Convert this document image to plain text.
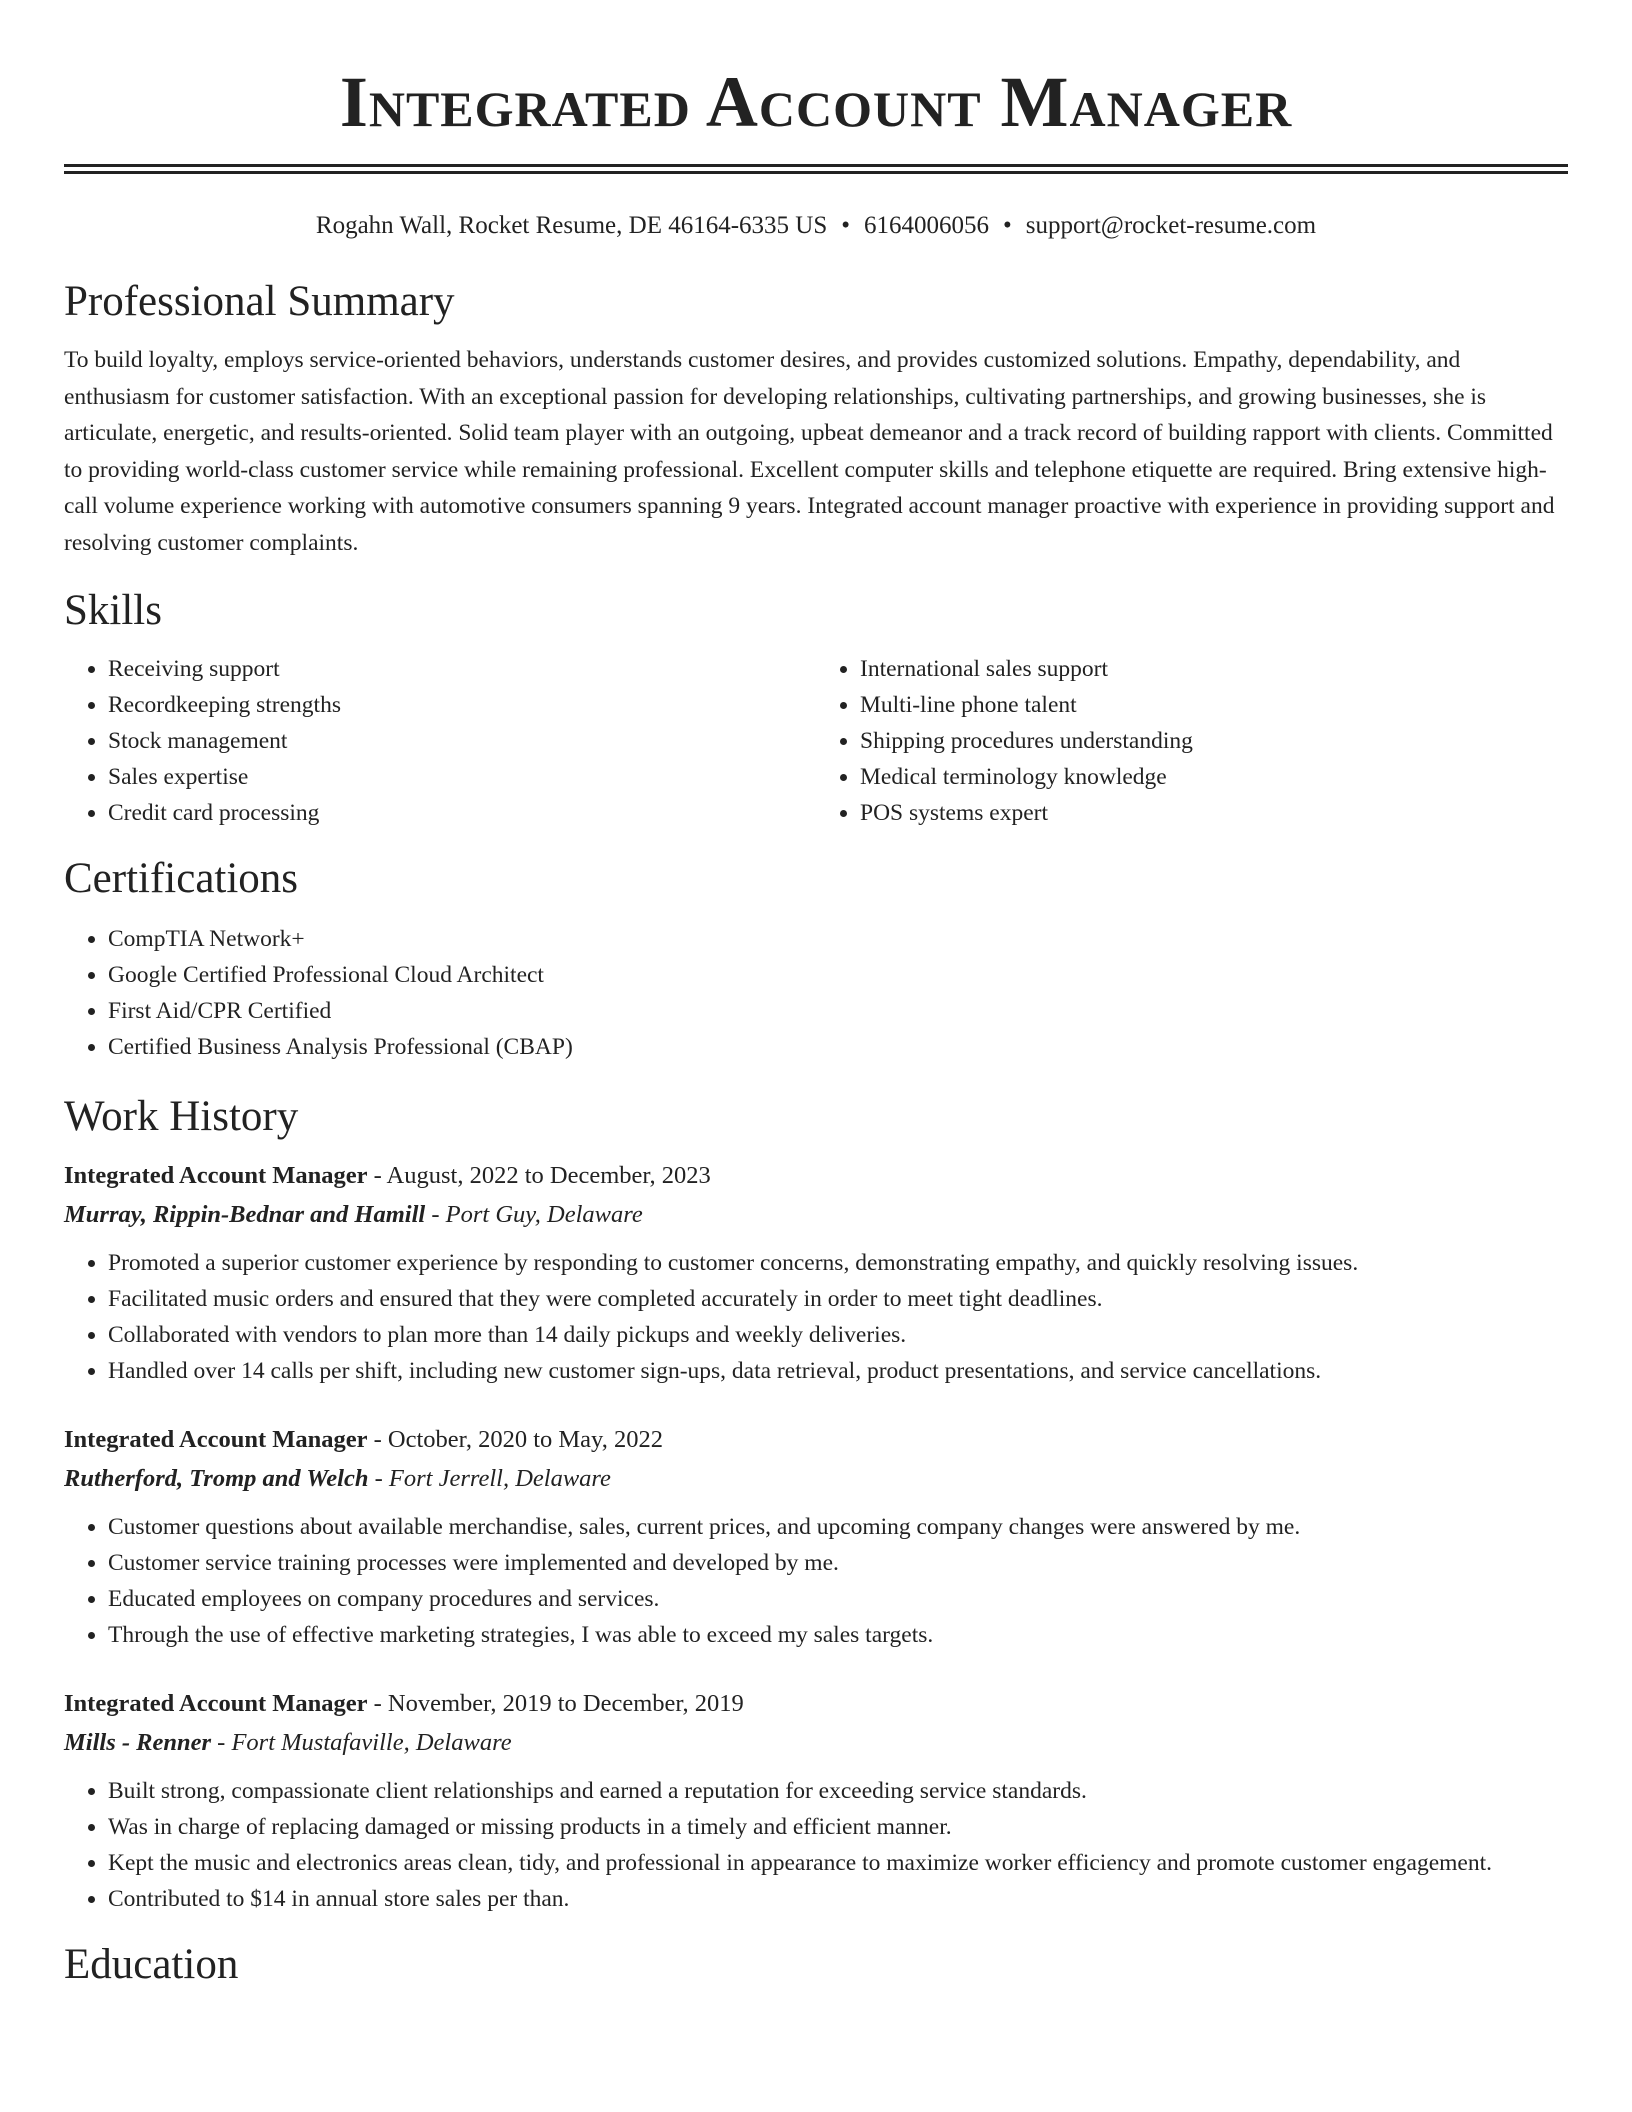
Integrated Account Manager
Rogahn Wall, Rocket Resume, DE 46164-6335 US • 6164006056 • support@rocket-resume.com
Professional Summary

To build loyalty, employs service-oriented behaviors, understands customer desires, and provides customized solutions. Empathy, dependability, and enthusiasm for customer satisfaction. With an exceptional passion for developing relationships, cultivating partnerships, and growing businesses, she is articulate, energetic, and results-oriented. Solid team player with an outgoing, upbeat demeanor and a track record of building rapport with clients. Committed to providing world-class customer service while remaining professional. Excellent computer skills and telephone etiquette are required. Bring extensive high-call volume experience working with automotive consumers spanning 9 years. Integrated account manager proactive with experience in providing support and resolving customer complaints.

Skills
• Receiving support
• Recordkeeping strengths
• Stock management
• Sales expertise
• Credit card processing
• International sales support
• Multi-line phone talent
• Shipping procedures understanding
• Medical terminology knowledge
• POS systems expert
Certifications
• CompTIA Network+
• Google Certified Professional Cloud Architect
• First Aid/CPR Certified
• Certified Business Analysis Professional (CBAP)
Work History
Integrated Account Manager - August, 2022 to December, 2023
Murray, Rippin-Bednar and Hamill - Port Guy, Delaware
• Promoted a superior customer experience by responding to customer concerns, demonstrating empathy, and quickly resolving issues.
• Facilitated music orders and ensured that they were completed accurately in order to meet tight deadlines.
• Collaborated with vendors to plan more than 14 daily pickups and weekly deliveries.
• Handled over 14 calls per shift, including new customer sign-ups, data retrieval, product presentations, and service cancellations.
Integrated Account Manager - October, 2020 to May, 2022
Rutherford, Tromp and Welch - Fort Jerrell, Delaware
• Customer questions about available merchandise, sales, current prices, and upcoming company changes were answered by me.
• Customer service training processes were implemented and developed by me.
• Educated employees on company procedures and services.
• Through the use of effective marketing strategies, I was able to exceed my sales targets.
Integrated Account Manager - November, 2019 to December, 2019
Mills - Renner - Fort Mustafaville, Delaware
• Built strong, compassionate client relationships and earned a reputation for exceeding service standards.
• Was in charge of replacing damaged or missing products in a timely and efficient manner.
• Kept the music and electronics areas clean, tidy, and professional in appearance to maximize worker efficiency and promote customer engagement.
• Contributed to $14 in annual store sales per than.
Education
